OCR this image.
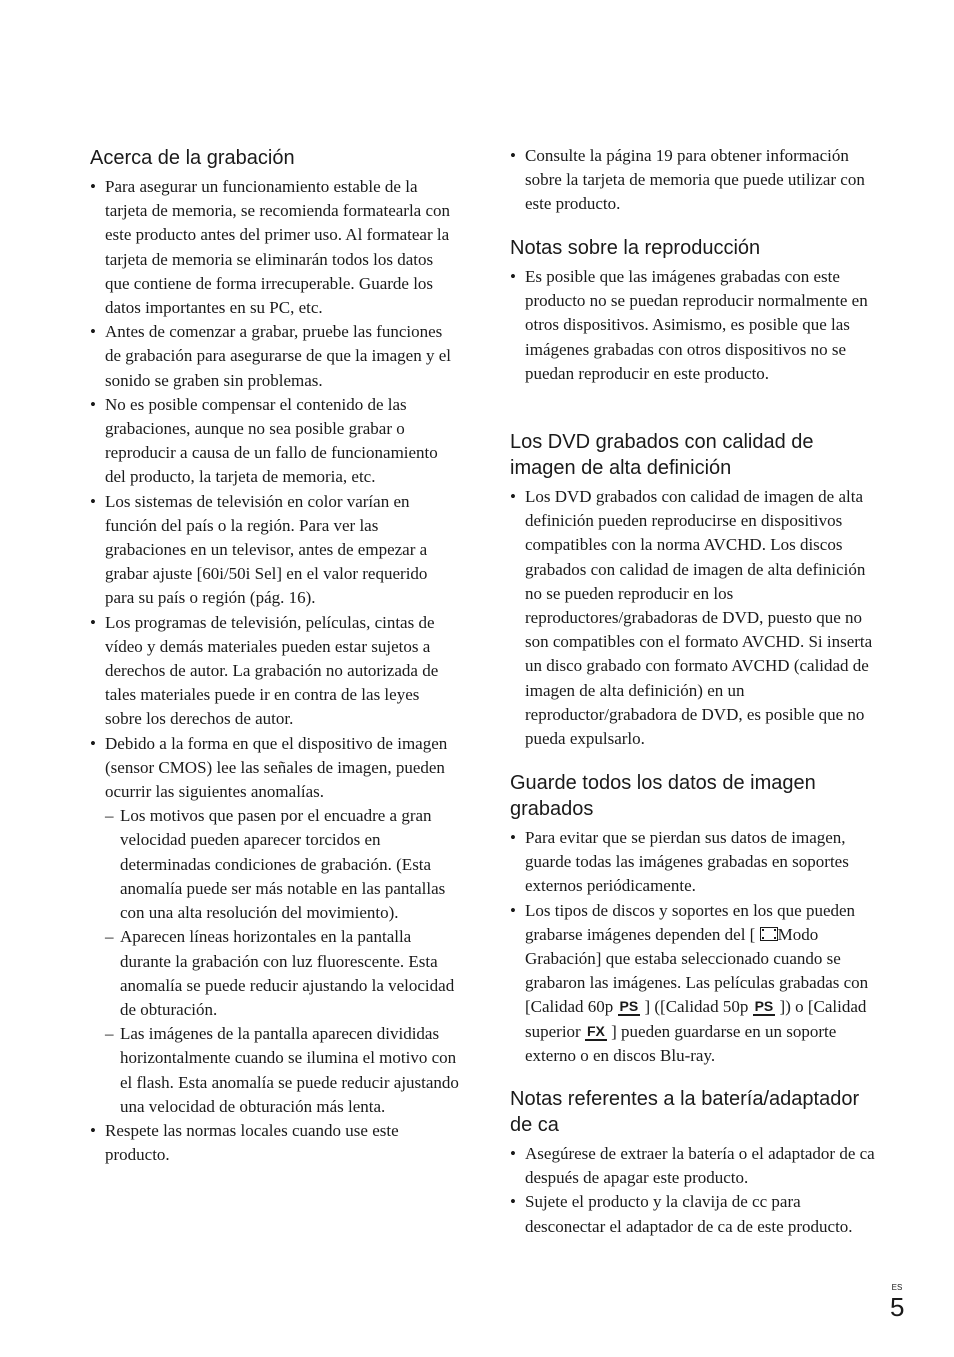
Acerca de la grabación
• Para asegurar un funcionamiento estable de la tarjeta de memoria, se recomienda formatearla con este producto antes del primer uso. Al formatear la tarjeta de memoria se eliminarán todos los datos que contiene de forma irrecuperable. Guarde los datos importantes en su PC, etc.
• Antes de comenzar a grabar, pruebe las funciones de grabación para asegurarse de que la imagen y el sonido se graben sin problemas.
• No es posible compensar el contenido de las grabaciones, aunque no sea posible grabar o reproducir a causa de un fallo de funcionamiento del producto, la tarjeta de memoria, etc.
• Los sistemas de televisión en color varían en función del país o la región. Para ver las grabaciones en un televisor, antes de empezar a grabar ajuste [60i/50i Sel] en el valor requerido para su país o región (pág. 16).
• Los programas de televisión, películas, cintas de vídeo y demás materiales pueden estar sujetos a derechos de autor. La grabación no autorizada de tales materiales puede ir en contra de las leyes sobre los derechos de autor.
• Debido a la forma en que el dispositivo de imagen (sensor CMOS) lee las señales de imagen, pueden ocurrir las siguientes anomalías.
– Los motivos que pasen por el encuadre a gran velocidad pueden aparecer torcidos en determinadas condiciones de grabación. (Esta anomalía puede ser más notable en las pantallas con una alta resolución del movimiento).
– Aparecen líneas horizontales en la pantalla durante la grabación con luz fluorescente. Esta anomalía se puede reducir ajustando la velocidad de obturación.
– Las imágenes de la pantalla aparecen divididas horizontalmente cuando se ilumina el motivo con el flash. Esta anomalía se puede reducir ajustando una velocidad de obturación más lenta.
• Respete las normas locales cuando use este producto.
• Consulte la página 19 para obtener información sobre la tarjeta de memoria que puede utilizar con este producto.
Notas sobre la reproducción
• Es posible que las imágenes grabadas con este producto no se puedan reproducir normalmente en otros dispositivos. Asimismo, es posible que las imágenes grabadas con otros dispositivos no se puedan reproducir en este producto.
Los DVD grabados con calidad de imagen de alta definición
• Los DVD grabados con calidad de imagen de alta definición pueden reproducirse en dispositivos compatibles con la norma AVCHD. Los discos grabados con calidad de imagen de alta definición no se pueden reproducir en los reproductores/grabadoras de DVD, puesto que no son compatibles con el formato AVCHD. Si inserta un disco grabado con formato AVCHD (calidad de imagen de alta definición) en un reproductor/grabadora de DVD, es posible que no pueda expulsarlo.
Guarde todos los datos de imagen grabados
• Para evitar que se pierdan sus datos de imagen, guarde todas las imágenes grabadas en soportes externos periódicamente.
• Los tipos de discos y soportes en los que pueden grabarse imágenes dependen del [ Modo Grabación] que estaba seleccionado cuando se grabaron las imágenes. Las películas grabadas con [Calidad 60p PS ] ([Calidad 50p PS ]) o [Calidad superior FX ] pueden guardarse en un soporte externo o en discos Blu-ray.
Notas referentes a la batería/adaptador de ca
• Asegúrese de extraer la batería o el adaptador de ca después de apagar este producto.
• Sujete el producto y la clavija de cc para desconectar el adaptador de ca de este producto.
ES
5
